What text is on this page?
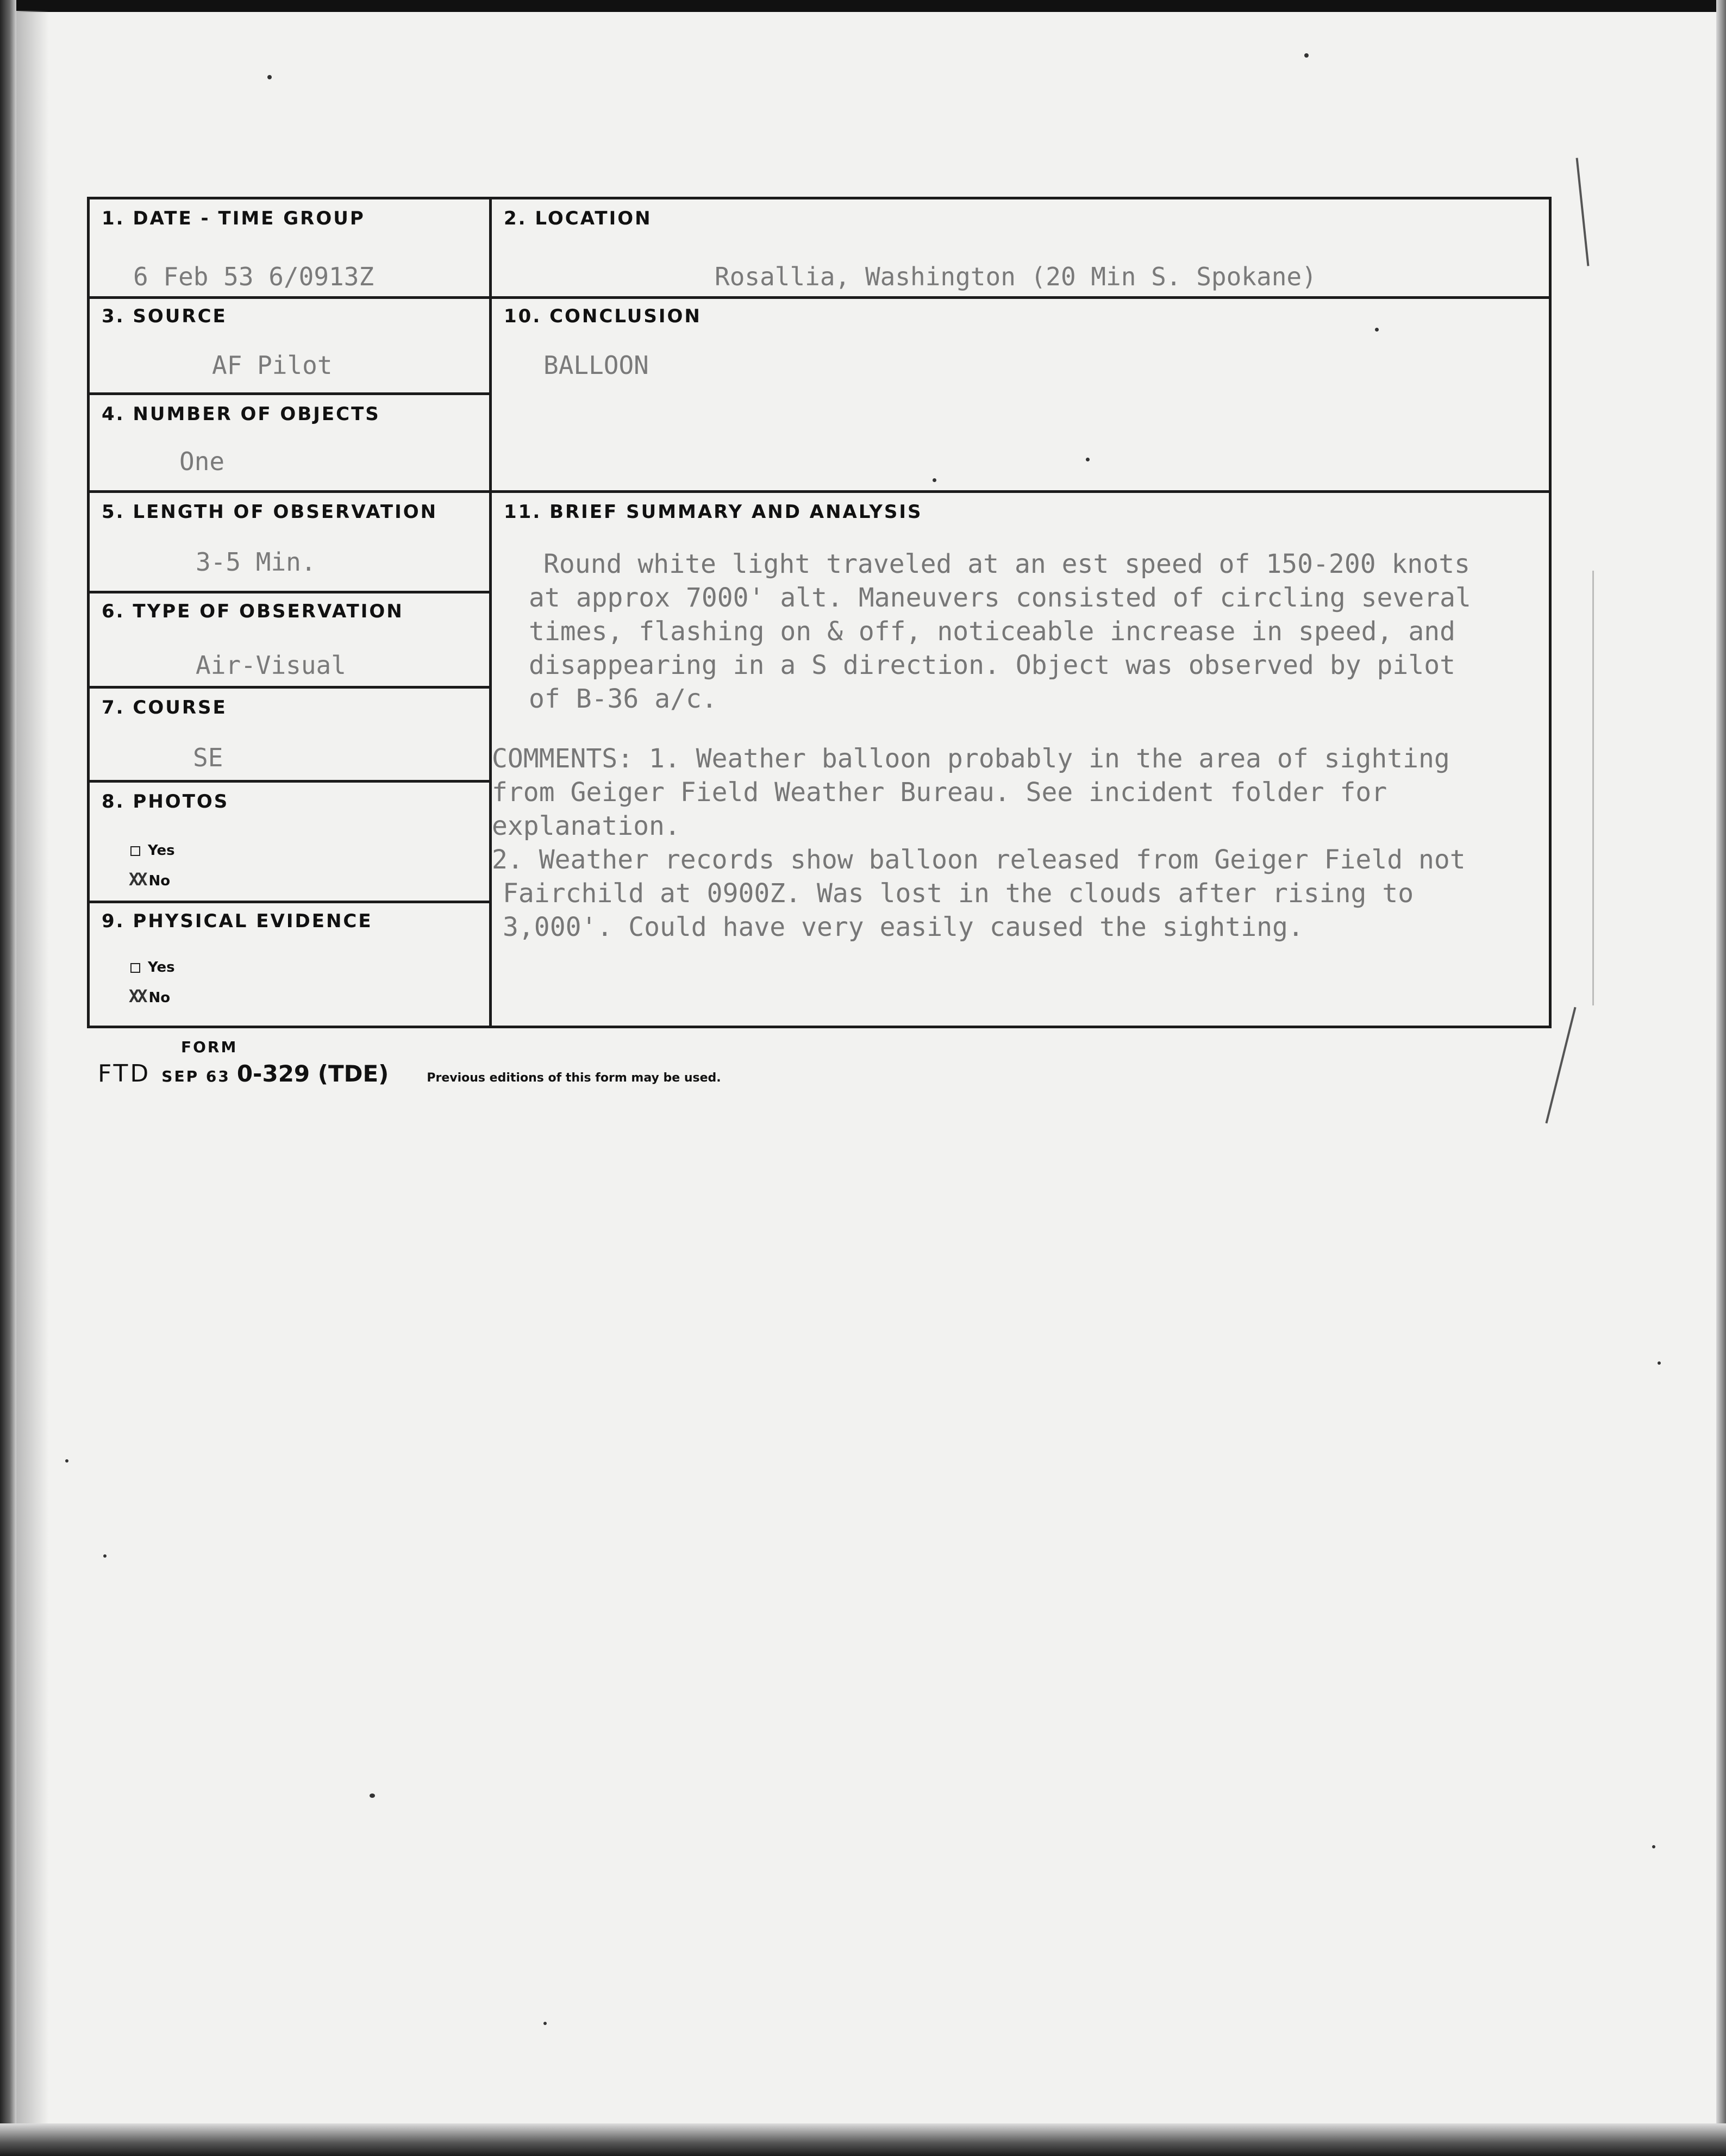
1. DATE - TIME GROUP
6 Feb 53 6/0913Z
2. LOCATION
Rosallia, Washington (20 Min S. Spokane)
3. SOURCE
AF Pilot
4. NUMBER OF OBJECTS
One
10. CONCLUSION
BALLOON
5. LENGTH OF OBSERVATION
3-5 Min.
6. TYPE OF OBSERVATION
Air-Visual
7. COURSE
SE
8. PHOTOS
Yes
XX No
9. PHYSICAL EVIDENCE
Yes
XX No
11. BRIEF SUMMARY AND ANALYSIS
Round white light traveled at an est speed of 150-200 knots
at approx 7000' alt. Maneuvers consisted of circling several
times, flashing on & off, noticeable increase in speed, and
disappearing in a S direction. Object was observed by pilot
of B-36 a/c.
COMMENTS: 1. Weather balloon probably in the area of sighting
from Geiger Field Weather Bureau. See incident folder for
explanation.
2. Weather records show balloon released from Geiger Field not
Fairchild at 0900Z. Was lost in the clouds after rising to
3,000'. Could have very easily caused the sighting.
FORM
FTD SEP 63 0-329 (TDE)	Previous editions of this form may be used.
